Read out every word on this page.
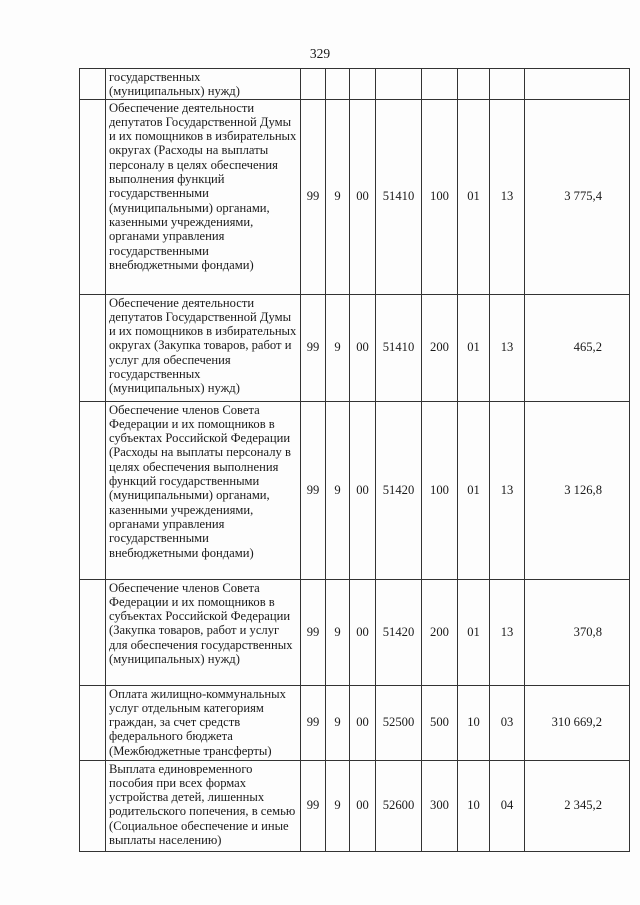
329
	государственных
(муниципальных) нужд)								
	Обеспечение деятельности депутатов Государственной Думы и их помощников в избирательных округах (Расходы на выплаты персоналу в целях обеспечения выполнения функций государственными (муниципальными) органами, казенными учреждениями, органами управления государственными внебюджетными фондами)	99	9	00	51410	100	01	13	3 775,4
	Обеспечение деятельности депутатов Государственной Думы и их помощников в избирательных округах (Закупка товаров, работ и услуг для обеспечения государственных (муниципальных) нужд)	99	9	00	51410	200	01	13	465,2
	Обеспечение членов Совета Федерации и их помощников в субъектах Российской Федерации (Расходы на выплаты персоналу в целях обеспечения выполнения функций государственными (муниципальными) органами, казенными учреждениями, органами управления государственными внебюджетными фондами)	99	9	00	51420	100	01	13	3 126,8
	Обеспечение членов Совета Федерации и их помощников в субъектах Российской Федерации (Закупка товаров, работ и услуг для обеспечения государственных (муниципальных) нужд)	99	9	00	51420	200	01	13	370,8
	Оплата жилищно-коммунальных услуг отдельным категориям граждан, за счет средств федерального бюджета (Межбюджетные трансферты)	99	9	00	52500	500	10	03	310 669,2
	Выплата единовременного пособия при всех формах устройства детей, лишенных родительского попечения, в семью (Социальное обеспечение и иные выплаты населению)	99	9	00	52600	300	10	04	2 345,2
